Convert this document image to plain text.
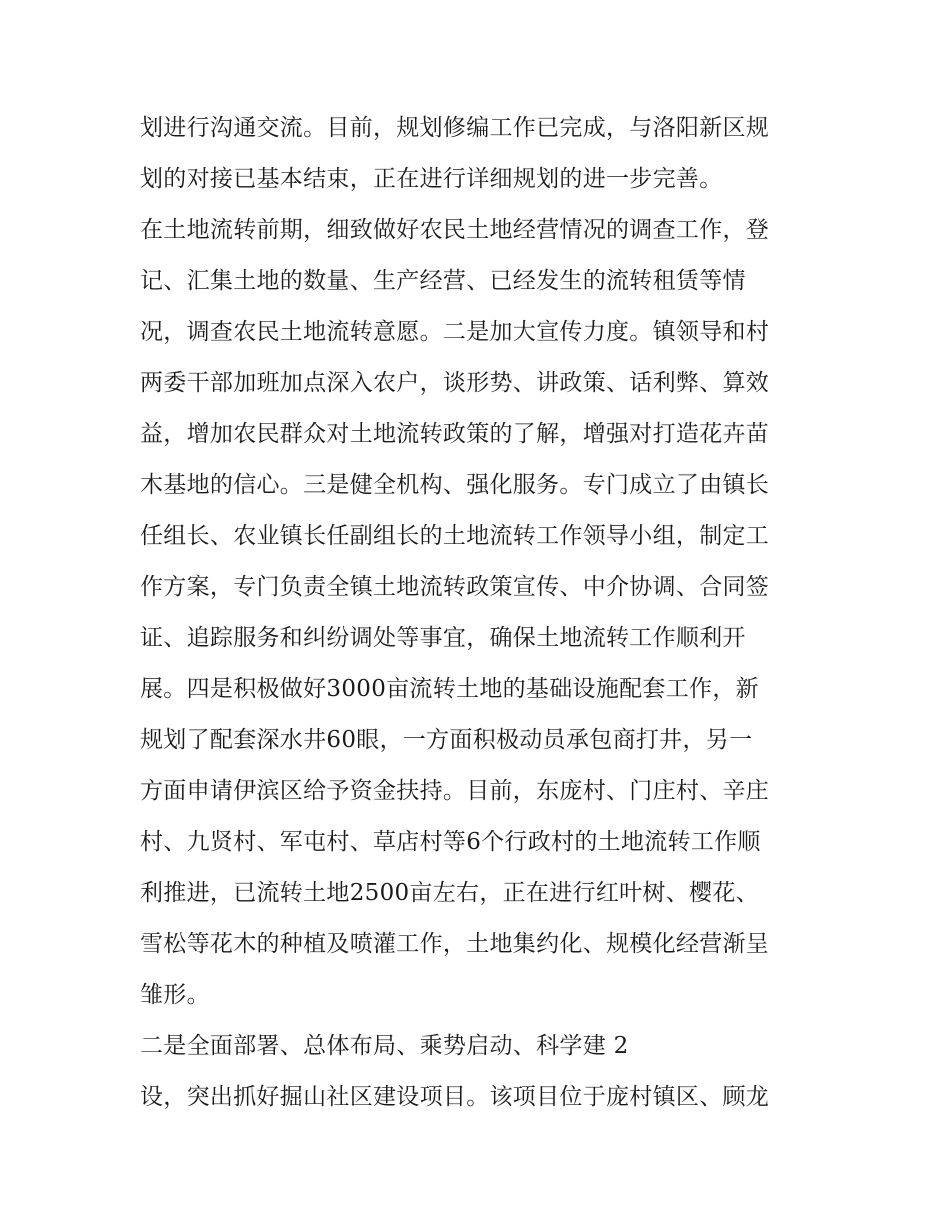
划进行沟通交流。目前，规划修编工作已完成，与洛阳新区规
划的对接已基本结束，正在进行详细规划的进一步完善。
在土地流转前期，细致做好农民土地经营情况的调查工作，登
记、汇集土地的数量、生产经营、已经发生的流转租赁等情
况，调查农民土地流转意愿。二是加大宣传力度。镇领导和村
两委干部加班加点深入农户，谈形势、讲政策、话利弊、算效
益，增加农民群众对土地流转政策的了解，增强对打造花卉苗
木基地的信心。三是健全机构、强化服务。专门成立了由镇长
任组长、农业镇长任副组长的土地流转工作领导小组，制定工
作方案，专门负责全镇土地流转政策宣传、中介协调、合同签
证、追踪服务和纠纷调处等事宜，确保土地流转工作顺利开
展。四是积极做好3000亩流转土地的基础设施配套工作，新
规划了配套深水井60眼，一方面积极动员承包商打井，另一
方面申请伊滨区给予资金扶持。目前，东庞村、门庄村、辛庄
村、九贤村、军屯村、草店村等6个行政村的土地流转工作顺
利推进，已流转土地2500亩左右，正在进行红叶树、樱花、
雪松等花木的种植及喷灌工作，土地集约化、规模化经营渐呈
雏形。
二是全面部署、总体布局、乘势启动、科学建 2
设，突出抓好掘山社区建设项目。该项目位于庞村镇区、顾龙
